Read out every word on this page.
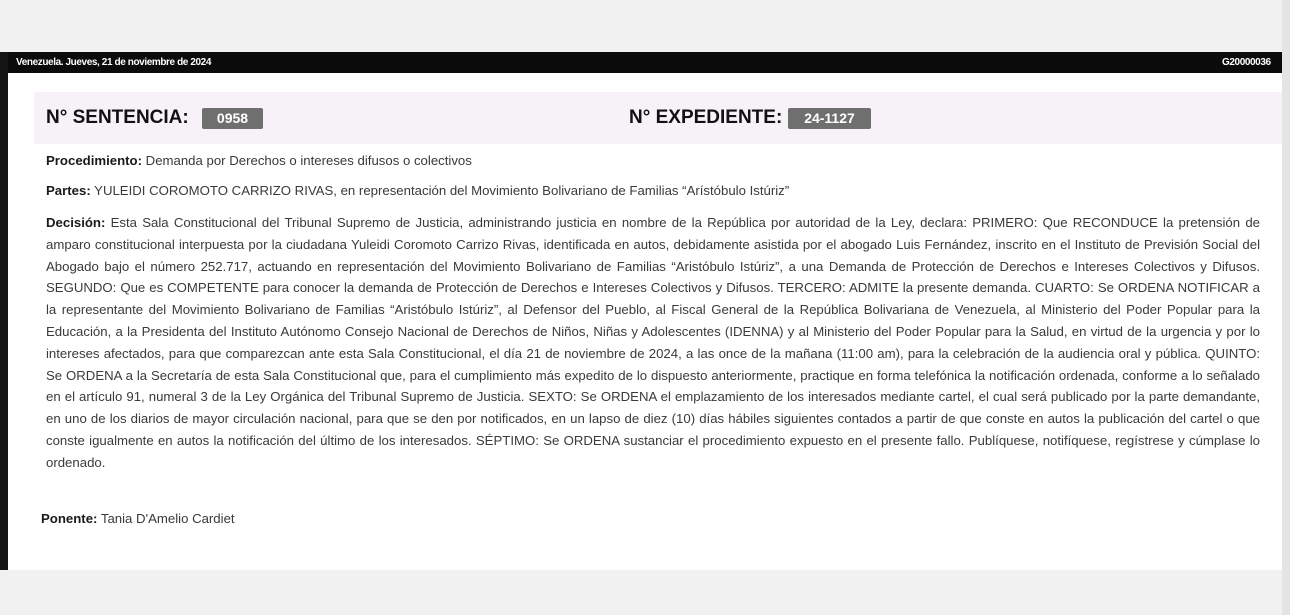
Venezuela. Jueves, 21 de noviembre de 2024	G20000036
N° SENTENCIA:	0958	N° EXPEDIENTE:	24-1127
Procedimiento: Demanda por Derechos o intereses difusos o colectivos
Partes: YULEIDI COROMOTO CARRIZO RIVAS, en representación del Movimiento Bolivariano de Familias “Arístóbulo Istúriz”
Decisión: Esta Sala Constitucional del Tribunal Supremo de Justicia, administrando justicia en nombre de la República por autoridad de la Ley, declara: PRIMERO: Que RECONDUCE la pretensión de amparo constitucional interpuesta por la ciudadana Yuleidi Coromoto Carrizo Rivas, identificada en autos, debidamente asistida por el abogado Luis Fernández, inscrito en el Instituto de Previsión Social del Abogado bajo el número 252.717, actuando en representación del Movimiento Bolivariano de Familias “Aristóbulo Istúriz”, a una Demanda de Protección de Derechos e Intereses Colectivos y Difusos. SEGUNDO: Que es COMPETENTE para conocer la demanda de Protección de Derechos e Intereses Colectivos y Difusos. TERCERO: ADMITE la presente demanda. CUARTO: Se ORDENA NOTIFICAR a la representante del Movimiento Bolivariano de Familias “Aristóbulo Istúriz”, al Defensor del Pueblo, al Fiscal General de la República Bolivariana de Venezuela, al Ministerio del Poder Popular para la Educación, a la Presidenta del Instituto Autónomo Consejo Nacional de Derechos de Niños, Niñas y Adolescentes (IDENNA) y al Ministerio del Poder Popular para la Salud, en virtud de la urgencia y por lo intereses afectados, para que comparezcan ante esta Sala Constitucional, el día 21 de noviembre de 2024, a las once de la mañana (11:00 am), para la celebración de la audiencia oral y pública. QUINTO: Se ORDENA a la Secretaría de esta Sala Constitucional que, para el cumplimiento más expedito de lo dispuesto anteriormente, practique en forma telefónica la notificación ordenada, conforme a lo señalado en el artículo 91, numeral 3 de la Ley Orgánica del Tribunal Supremo de Justicia. SEXTO: Se ORDENA el emplazamiento de los interesados mediante cartel, el cual será publicado por la parte demandante, en uno de los diarios de mayor circulación nacional, para que se den por notificados, en un lapso de diez (10) días hábiles siguientes contados a partir de que conste en autos la publicación del cartel o que conste igualmente en autos la notificación del último de los interesados. SÉPTIMO: Se ORDENA sustanciar el procedimiento expuesto en el presente fallo. Publíquese, notifíquese, regístrese y cúmplase lo ordenado.
Ponente: Tania D'Amelio Cardiet
